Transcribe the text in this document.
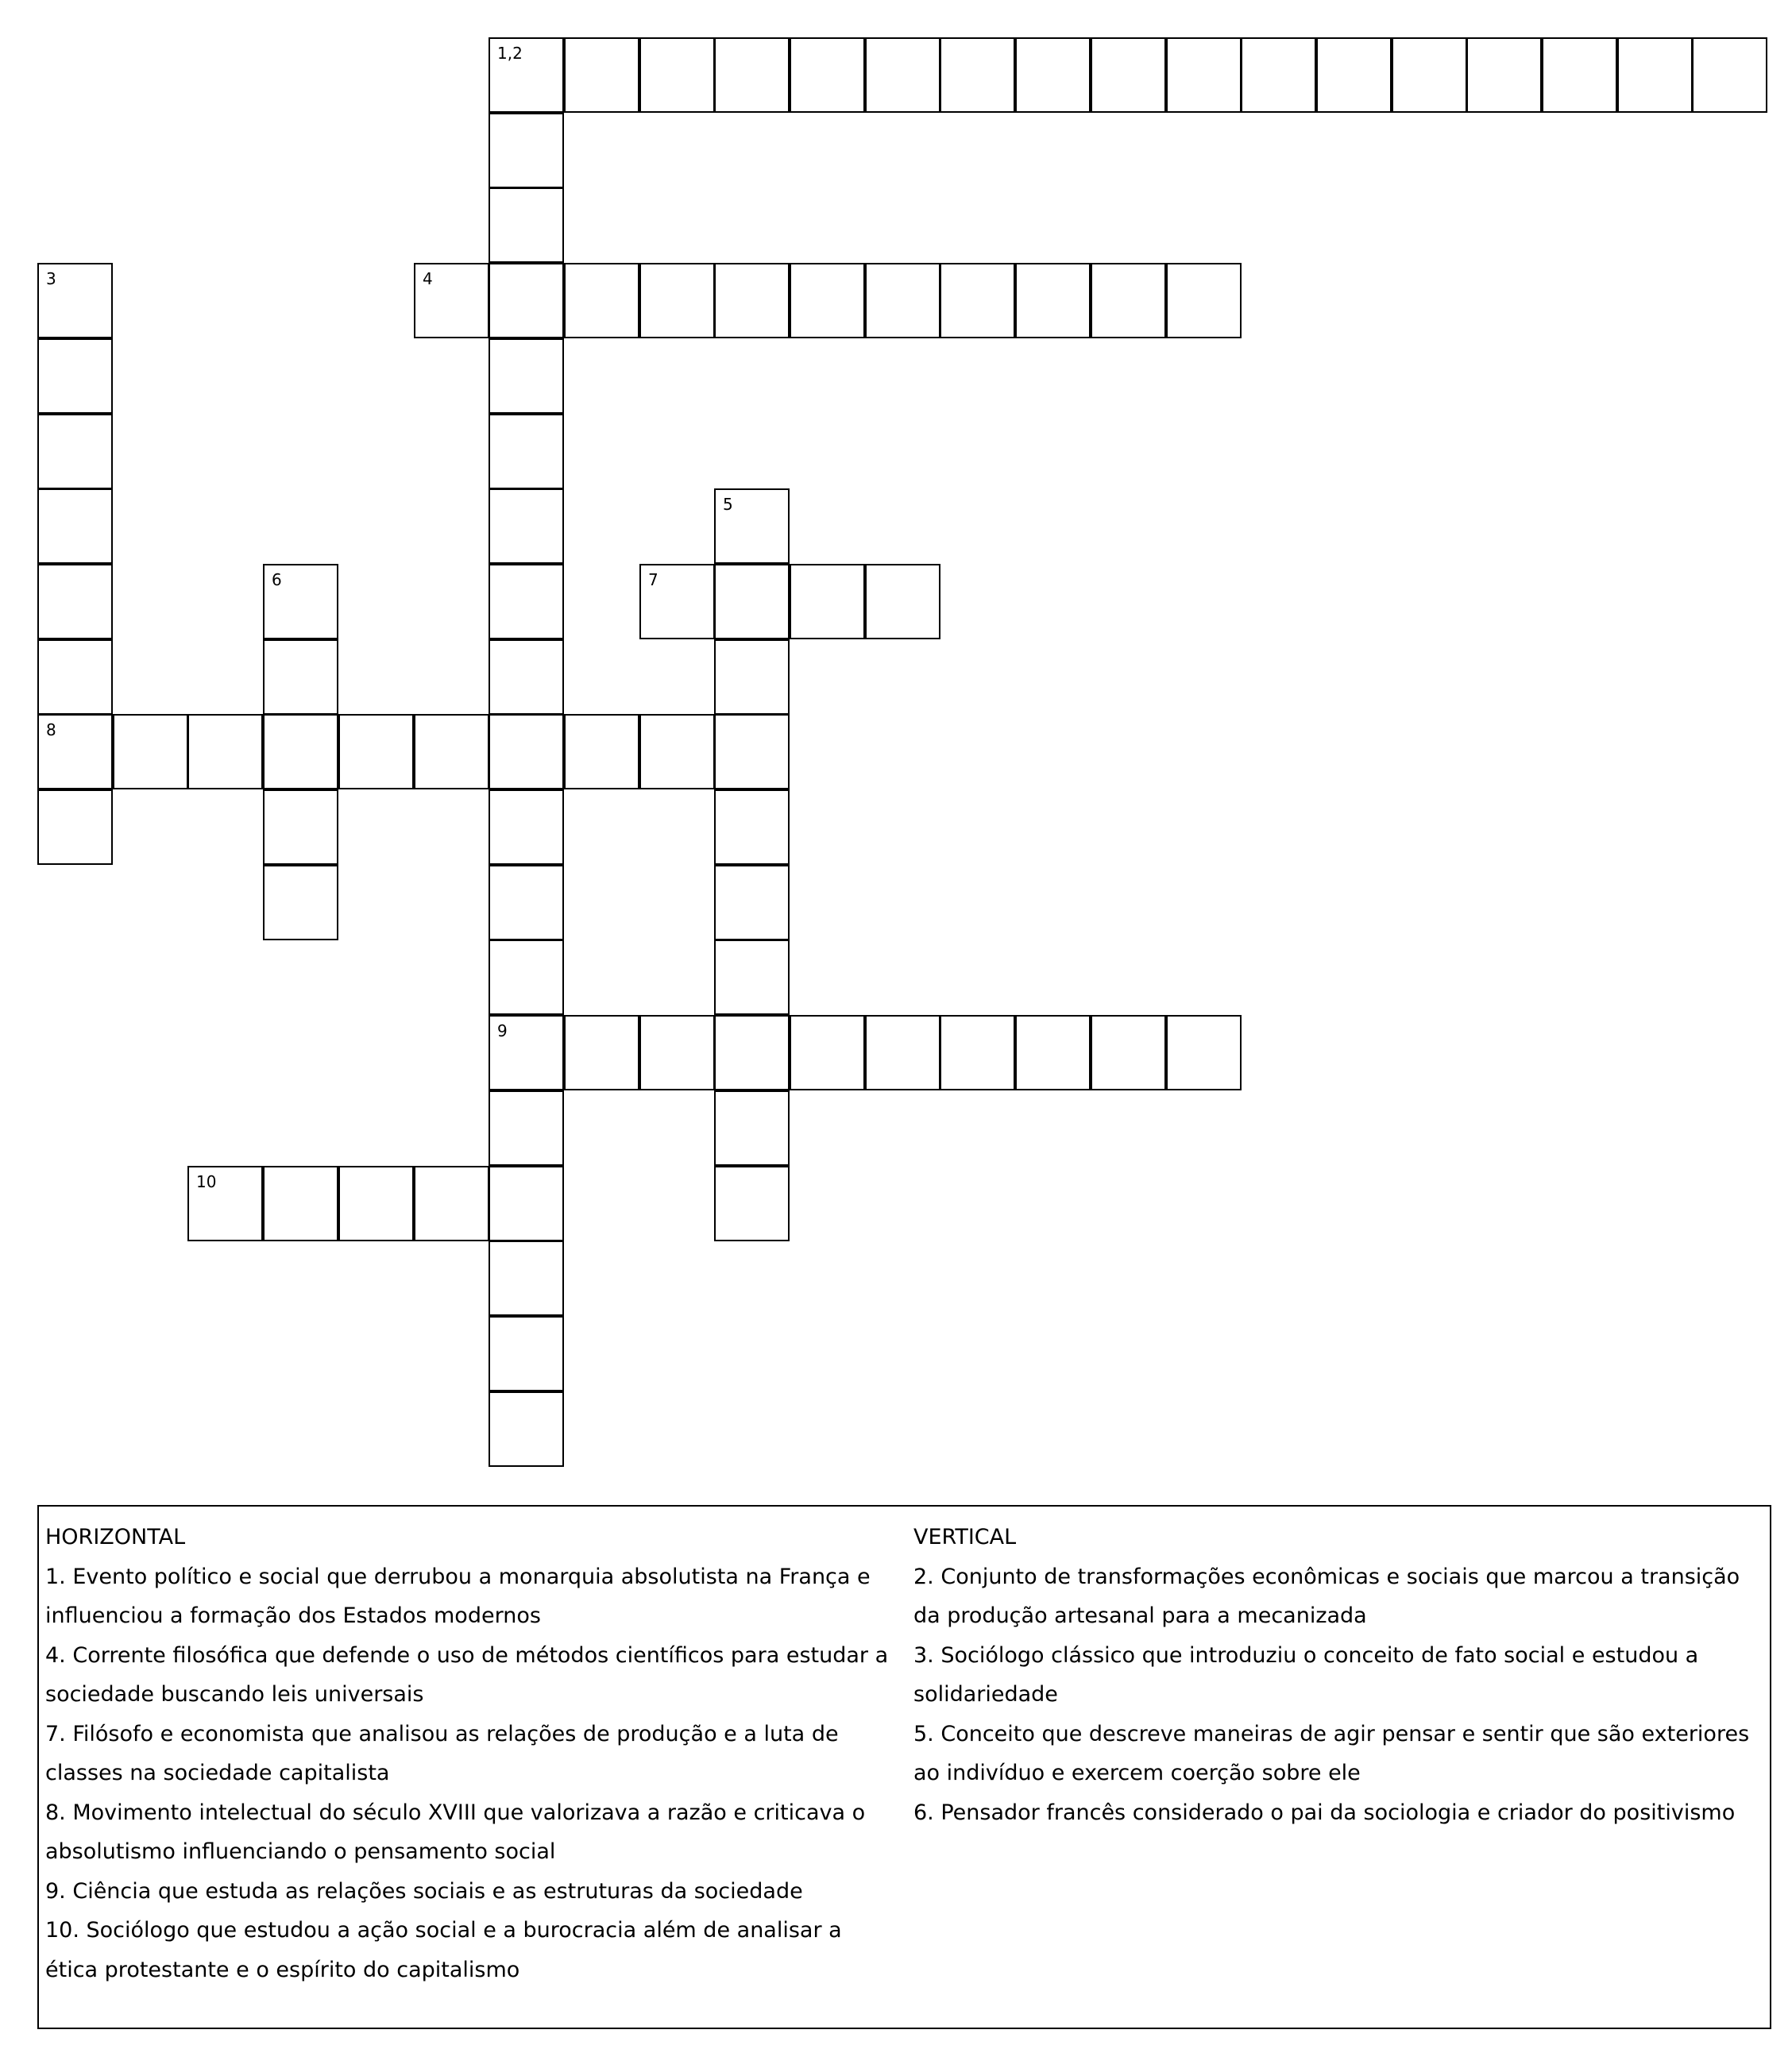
1,2
3	4
5
6	7
8
9
10
HORIZONTAL
1. Evento político e social que derrubou a monarquia absolutista na França e influenciou a formação dos Estados modernos
4. Corrente filosófica que defende o uso de métodos científicos para estudar a sociedade buscando leis universais
7. Filósofo e economista que analisou as relações de produção e a luta de classes na sociedade capitalista
8. Movimento intelectual do século XVIII que valorizava a razão e criticava o absolutismo influenciando o pensamento social
9. Ciência que estuda as relações sociais e as estruturas da sociedade
10. Sociólogo que estudou a ação social e a burocracia além de analisar a ética protestante e o espírito do capitalismo
VERTICAL
2. Conjunto de transformações econômicas e sociais que marcou a transição da produção artesanal para a mecanizada
3. Sociólogo clássico que introduziu o conceito de fato social e estudou a solidariedade
5. Conceito que descreve maneiras de agir pensar e sentir que são exteriores ao indivíduo e exercem coerção sobre ele
6. Pensador francês considerado o pai da sociologia e criador do positivismo
